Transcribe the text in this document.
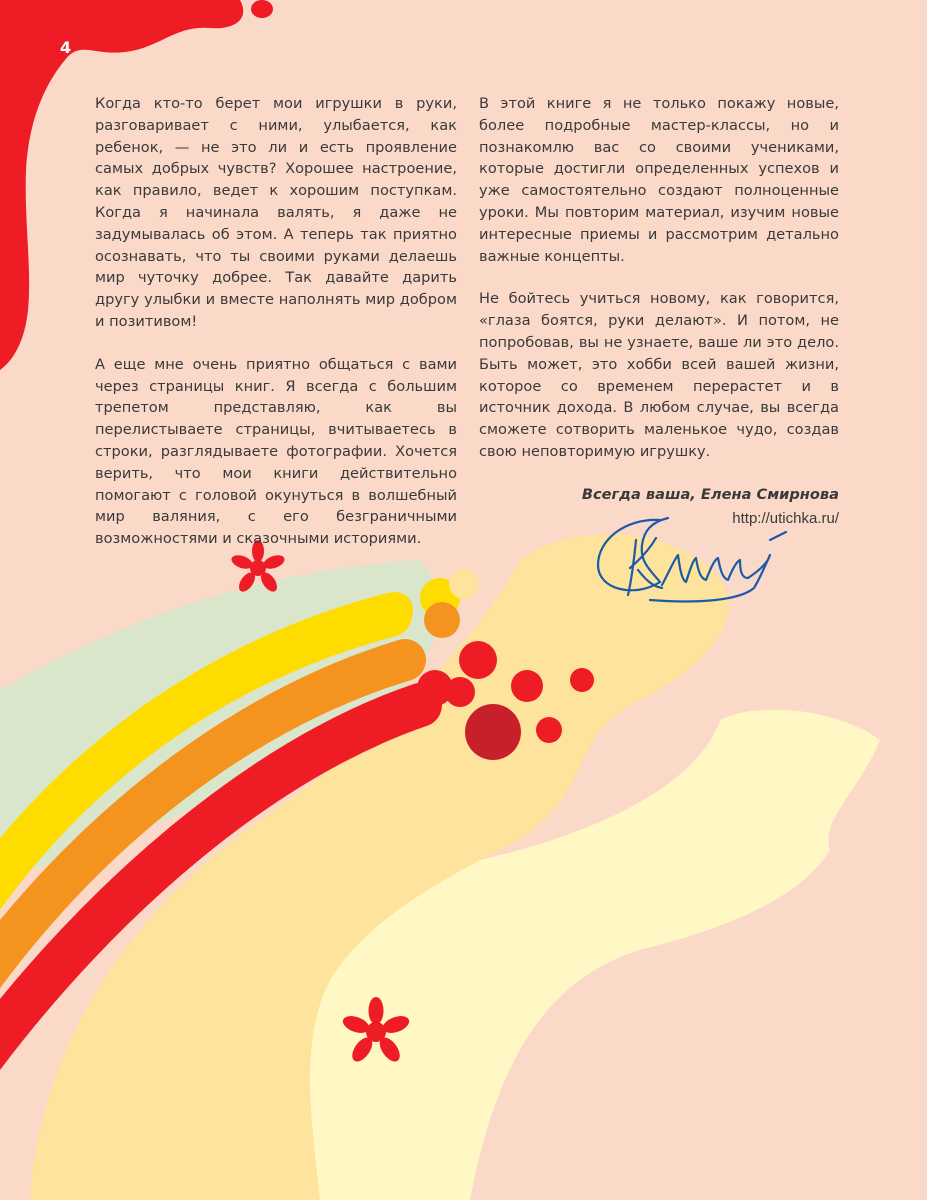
4

Когда кто-то берет мои игрушки в руки, разговаривает с ними, улыбается, как ребенок, — не это ли и есть проявление самых добрых чувств? Хорошее настроение, как правило, ведет к хорошим поступкам. Когда я начинала валять, я даже не задумывалась об этом. А теперь так приятно осознавать, что ты своими руками делаешь мир чуточку добрее. Так давайте дарить другу улыбки и вместе наполнять мир добром и позитивом!

А еще мне очень приятно общаться с вами через страницы книг. Я всегда с большим трепетом представляю, как вы перелистываете страницы, вчитываетесь в строки, разглядываете фотографии. Хочется верить, что мои книги действительно помогают с головой окунуться в волшебный мир валяния, с его безграничными возможностями и сказочными историями.

В этой книге я не только покажу новые, более подробные мастер-классы, но и познакомлю вас со своими учениками, которые достигли определенных успехов и уже самостоятельно создают полноценные уроки. Мы повторим материал, изучим новые интересные приемы и рассмотрим детально важные концепты.

Не бойтесь учиться новому, как говорится, «глаза боятся, руки делают». И потом, не попробовав, вы не узнаете, ваше ли это дело. Быть может, это хобби всей вашей жизни, которое со временем перерастет и в источник дохода. В любом случае, вы всегда сможете сотворить маленькое чудо, создав свою неповторимую игрушку.

Всегда ваша, Елена Смирнова
http://utichka.ru/
